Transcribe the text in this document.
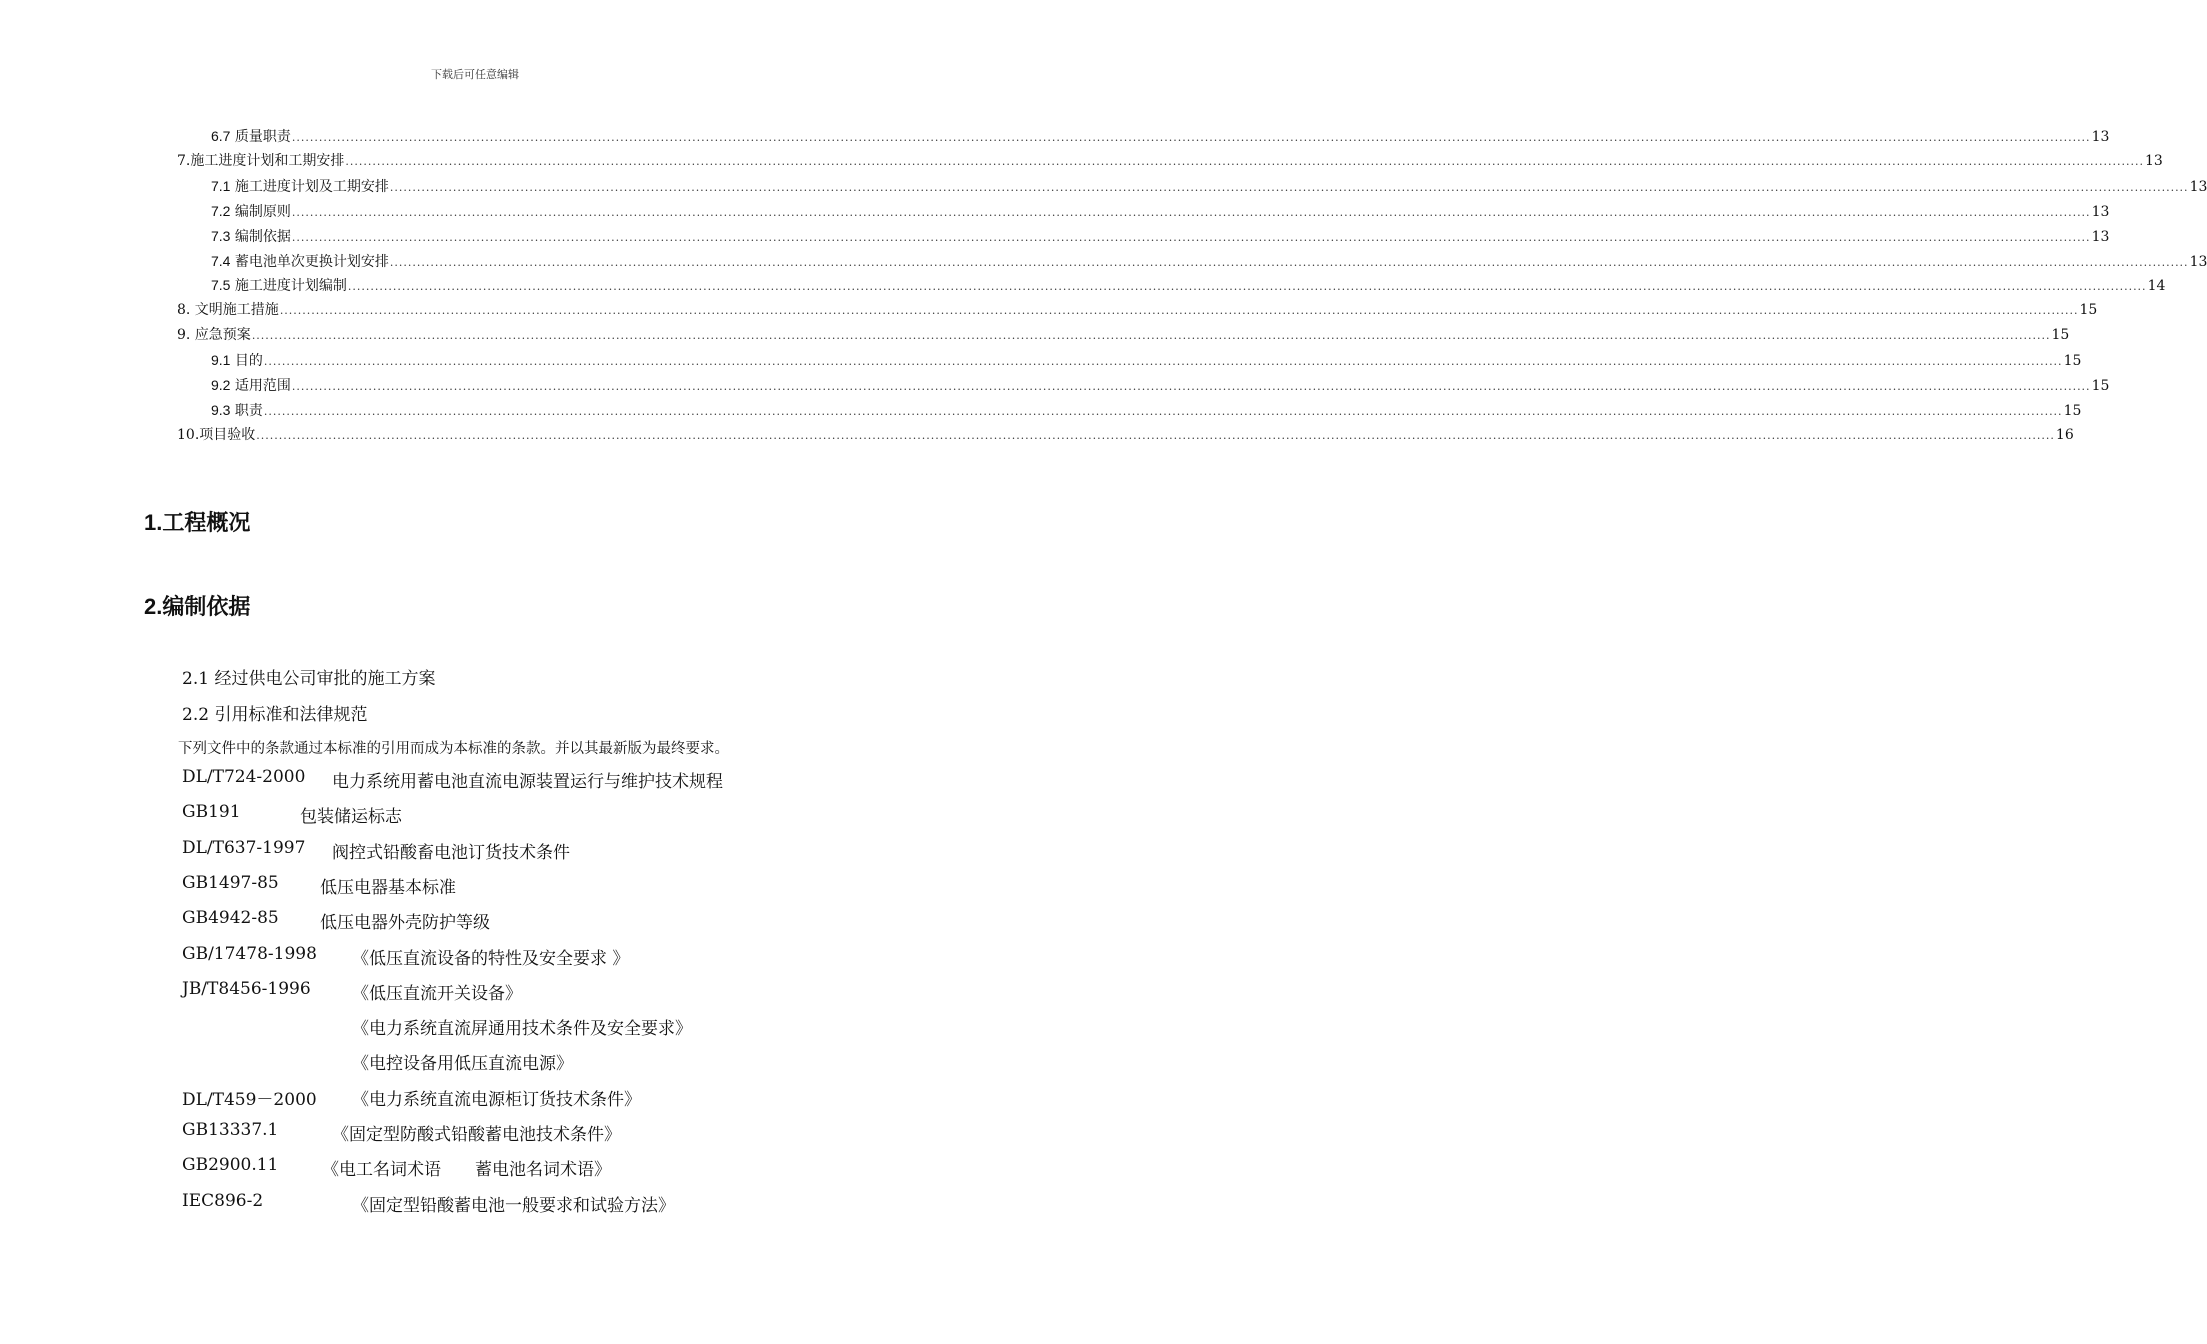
下载后可任意编辑
6.7 质量职责 ................................................................................................................................................................................................................................................................................................................................................................................................................ 13
7.施工进度计划和工期安排 ................................................................................................................................................................................................................................................................................................................................................................................................................ 13
7.1 施工进度计划及工期安排 ................................................................................................................................................................................................................................................................................................................................................................................................................ 13
7.2 编制原则 ................................................................................................................................................................................................................................................................................................................................................................................................................ 13
7.3 编制依据 ................................................................................................................................................................................................................................................................................................................................................................................................................ 13
7.4 蓄电池单次更换计划安排 ................................................................................................................................................................................................................................................................................................................................................................................................................ 13
7.5 施工进度计划编制 ................................................................................................................................................................................................................................................................................................................................................................................................................ 14
8. 文明施工措施 ................................................................................................................................................................................................................................................................................................................................................................................................................ 15
9. 应急预案 ................................................................................................................................................................................................................................................................................................................................................................................................................ 15
9.1 目的 ................................................................................................................................................................................................................................................................................................................................................................................................................ 15
9.2 适用范围 ................................................................................................................................................................................................................................................................................................................................................................................................................ 15
9.3 职责 ................................................................................................................................................................................................................................................................................................................................................................................................................ 15
10.项目验收 ................................................................................................................................................................................................................................................................................................................................................................................................................ 16
1.工程概况
2.编制依据
2.1 经过供电公司审批的施工方案
2.2 引用标准和法律规范
下列文件中的条款通过本标准的引用而成为本标准的条款。并以其最新版为最终要求。
DL/T724-2000 电力系统用蓄电池直流电源装置运行与维护技术规程
GB191	包装储运标志
DL/T637-1997 阀控式铅酸畜电池订货技术条件
GB1497-85 低压电器基本标准
GB4942-85 低压电器外壳防护等级
GB/17478-1998 《低压直流设备的特性及安全要求 》
JB/T8456-1996 《低压直流开关设备》
《电力系统直流屏通用技术条件及安全要求》
《电控设备用低压直流电源》
DL/T459－2000 《电力系统直流电源柜订货技术条件》
GB13337.1	《固定型防酸式铅酸蓄电池技术条件》
GB2900.11	《电工名词术语　　蓄电池名词术语》
IEC896-2	《固定型铅酸蓄电池一般要求和试验方法》
